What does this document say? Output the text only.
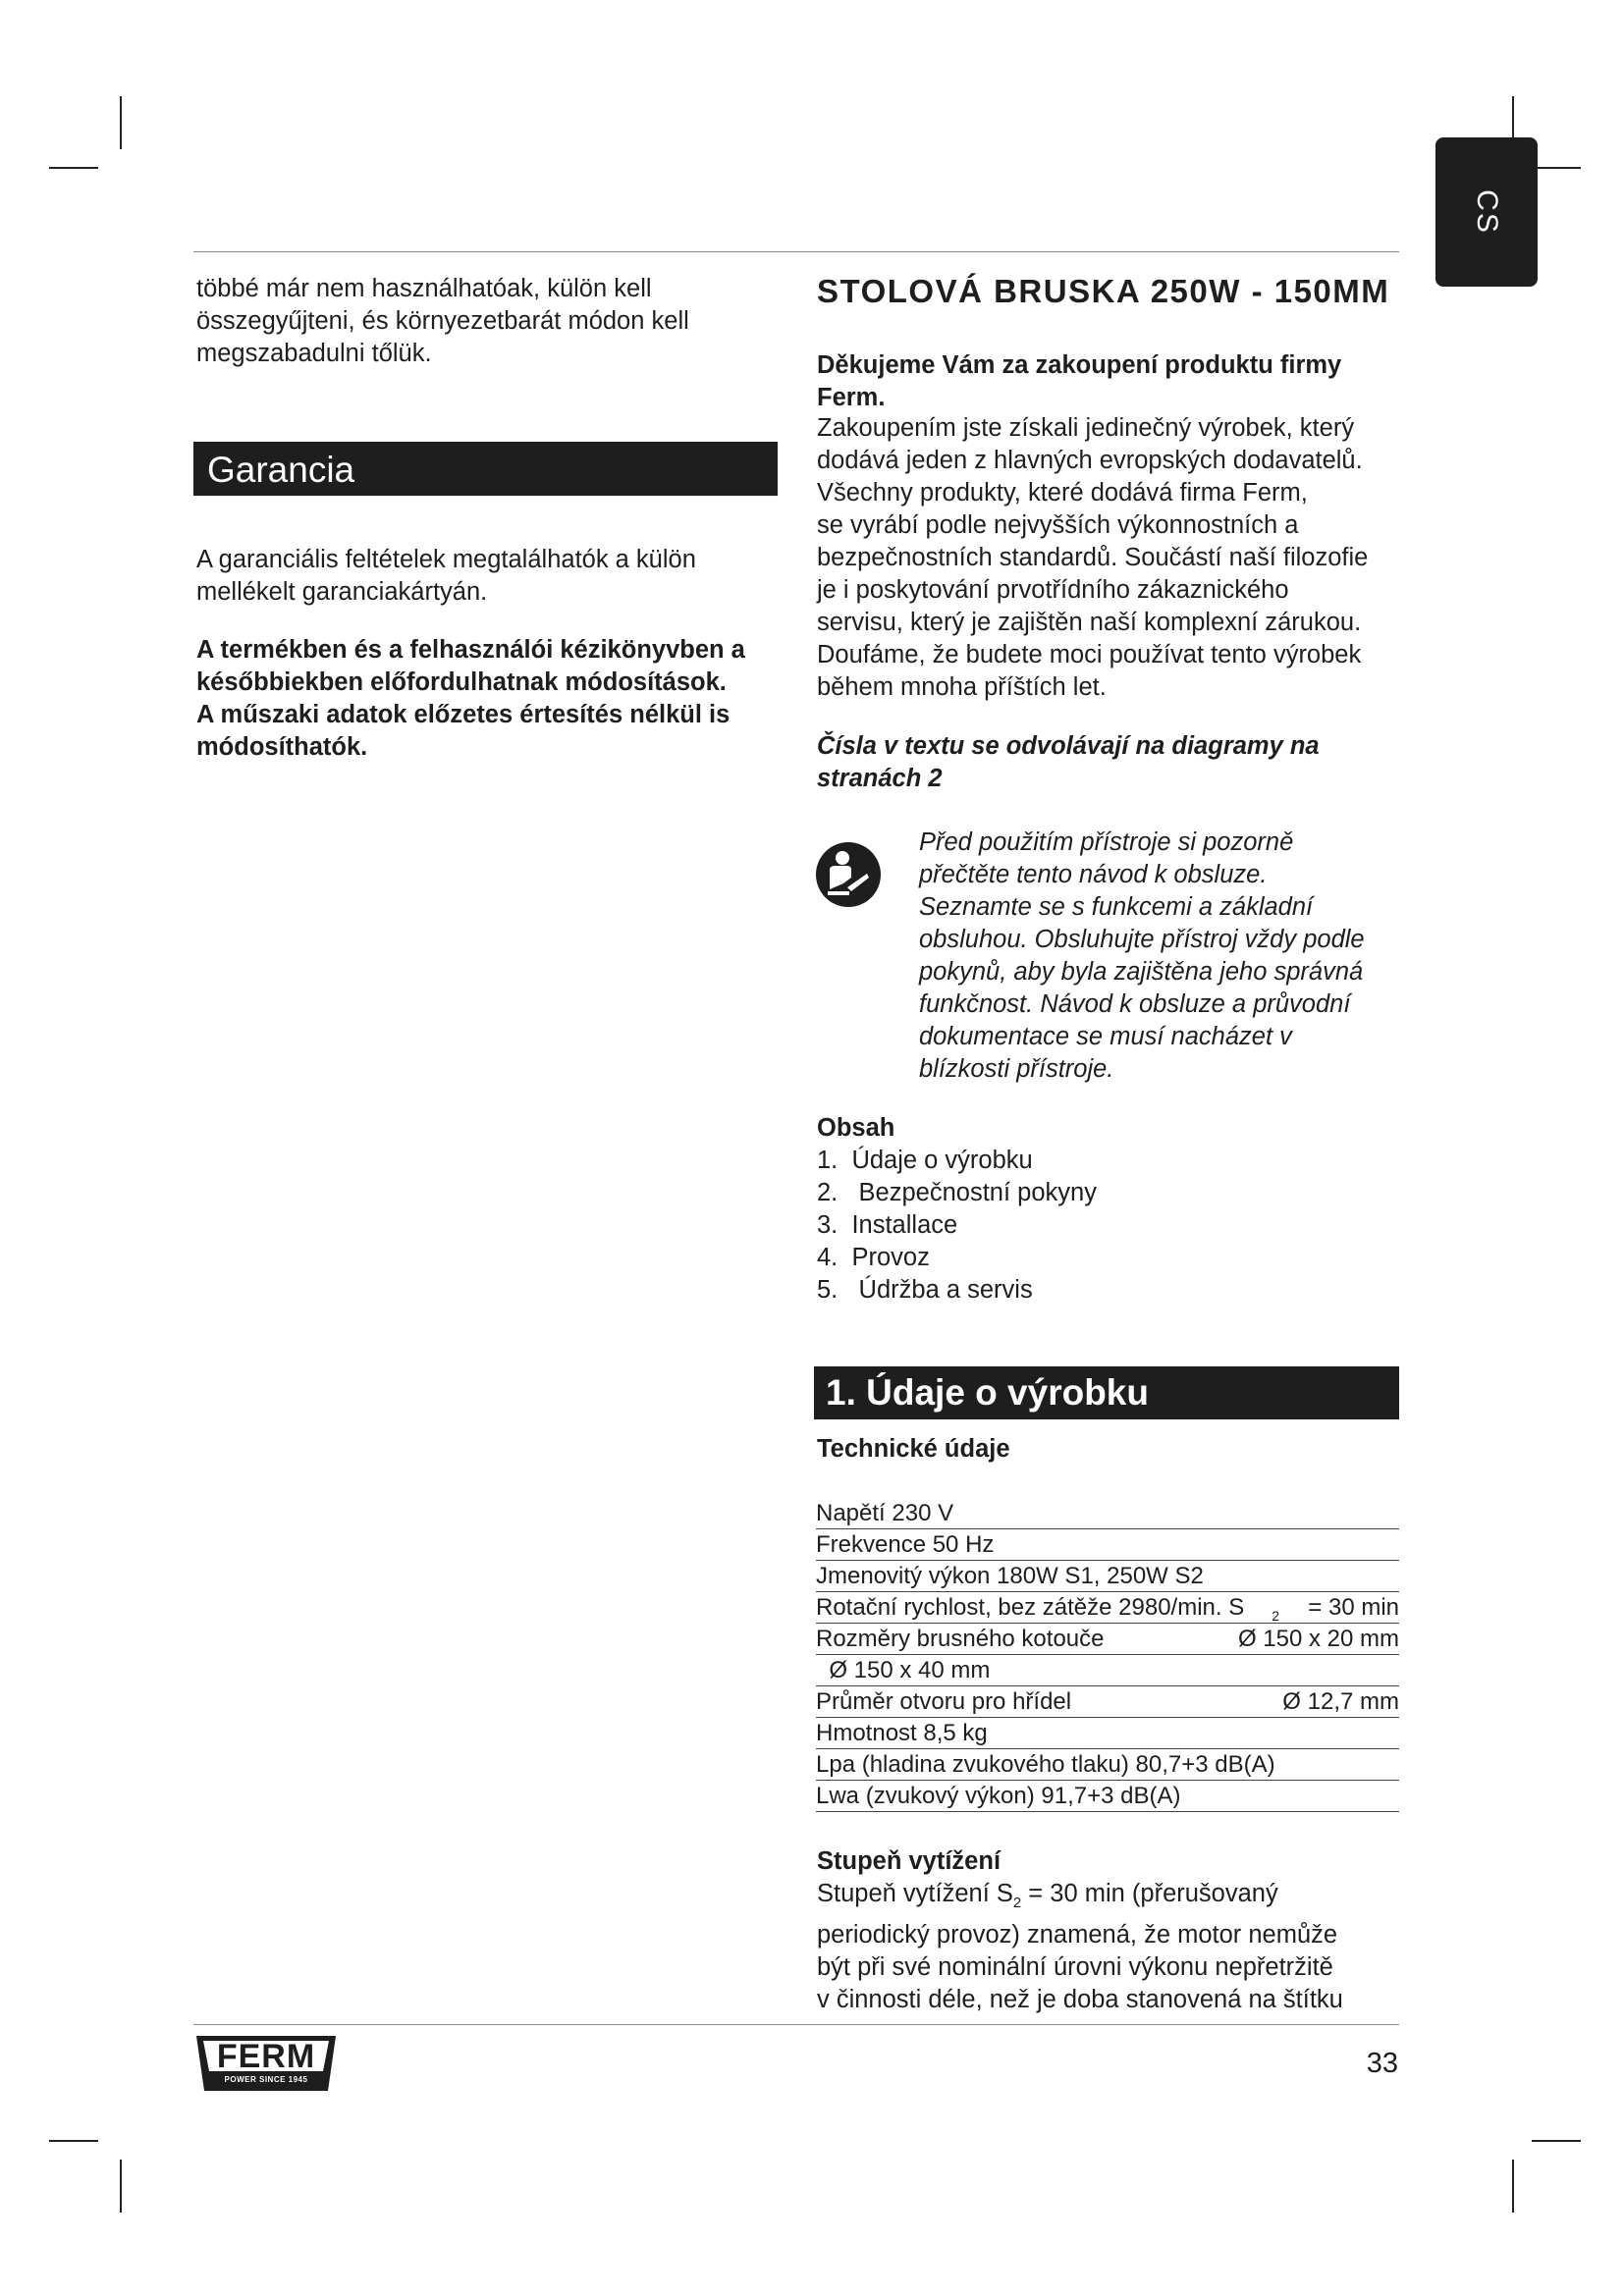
CS
többé már nem használhatóak, külön kell
összegyűjteni, és környezetbarát módon kell
megszabadulni tőlük.
Garancia
A garanciális feltételek megtalálhatók a külön
mellékelt garanciakártyán.
A termékben és a felhasználói kézikönyvben a
későbbiekben előfordulhatnak módosítások.
A műszaki adatok előzetes értesítés nélkül is
módosíthatók.
STOLOVÁ BRUSKA 250W - 150MM
Děkujeme Vám za zakoupení produktu firmy
Ferm.
Zakoupením jste získali jedinečný výrobek, který
dodává jeden z hlavných evropských dodavatelů.
Všechny produkty, které dodává firma Ferm,
se vyrábí podle nejvyšších výkonnostních a
bezpečnostních standardů. Součástí naší filozofie
je i poskytování prvotřídního zákaznického
servisu, který je zajištěn naší komplexní zárukou.
Doufáme, že budete moci používat tento výrobek
během mnoha příštích let.
Čísla v textu se odvolávají na diagramy na
stranách 2
Před použitím přístroje si pozorně
přečtěte tento návod k obsluze.
Seznamte se s funkcemi a základní
obsluhou. Obsluhujte přístroj vždy podle
pokynů, aby byla zajištěna jeho správná
funkčnost. Návod k obsluze a průvodní
dokumentace se musí nacházet v
blízkosti přístroje.
Obsah
1. Údaje o výrobku
2. Bezpečnostní pokyny
3. Installace
4. Provoz
5. Údržba a servis
1. Údaje o výrobku
Technické údaje
Napětí 230 V
Frekvence 50 Hz
Jmenovitý výkon 180W S1, 250W S2
Rotační rychlost, bez zátěže 2980/min. S $_2$ = 30 min
Rozměry brusného kotouče	Ø 150 x 20 mm
Ø 150 x 40 mm
Průměr otvoru pro hřídel	Ø 12,7 mm
Hmotnost 8,5 kg
Lpa (hladina zvukového tlaku) 80,7+3 dB(A)
Lwa (zvukový výkon) 91,7+3 dB(A)
Stupeň vytížení
Stupeň vytížení $S_2 = 30$ min (přerušovaný
periodický provoz) znamená, že motor nemůže
být při své nominální úrovni výkonu nepřetržitě
v činnosti déle, než je doba stanovená na štítku
FERM
POWER SINCE 1945
33
